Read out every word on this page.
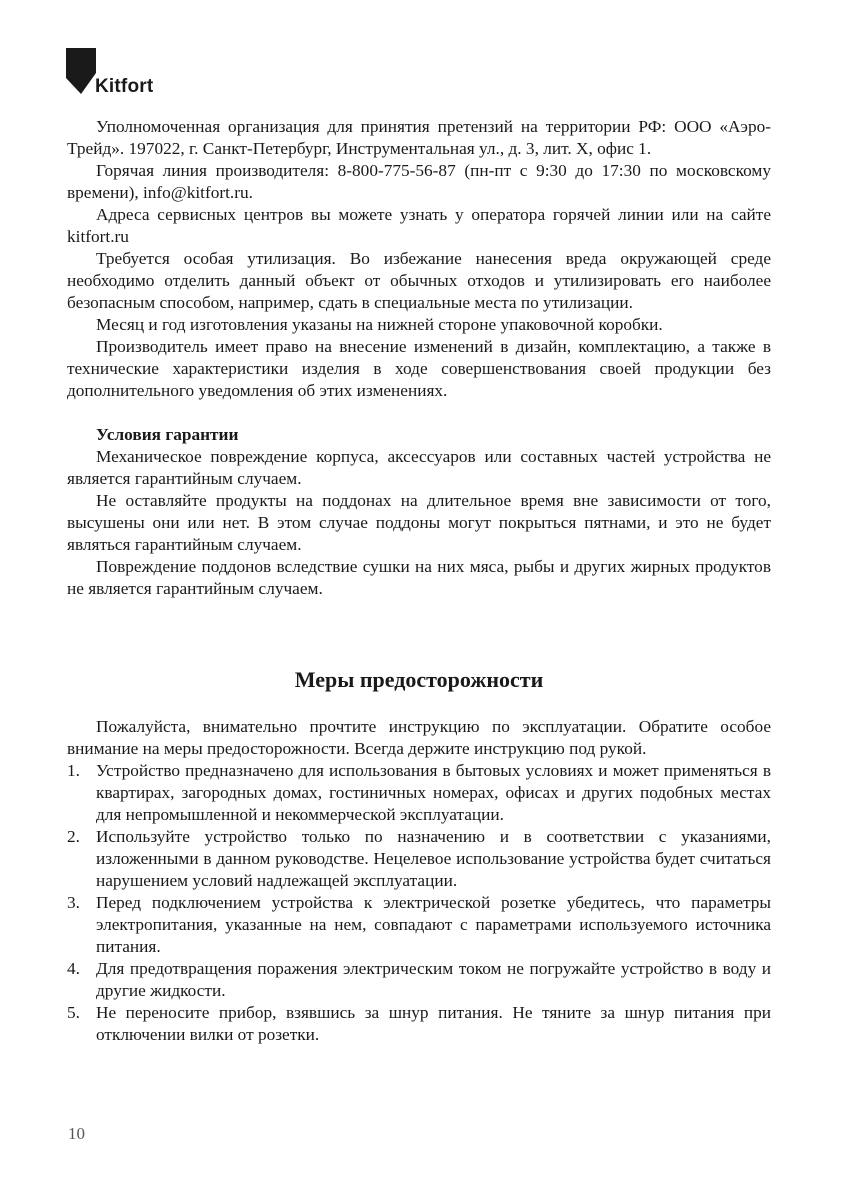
Kitfort

Уполномоченная организация для принятия претензий на территории РФ: ООО «Аэро-Трейд». 197022, г. Санкт-Петербург, Инструментальная ул., д. 3, лит. Х, офис 1.

Горячая линия производителя: 8-800-775-56-87 (пн-пт с 9:30 до 17:30 по московскому времени), info@kitfort.ru.

Адреса сервисных центров вы можете узнать у оператора горячей линии или на сайте kitfort.ru

Требуется особая утилизация. Во избежание нанесения вреда окружающей среде необходимо отделить данный объект от обычных отходов и утилизировать его наиболее безопасным способом, например, сдать в специальные места по утилизации.

Месяц и год изготовления указаны на нижней стороне упаковочной коробки.

Производитель имеет право на внесение изменений в дизайн, комплектацию, а также в технические характеристики изделия в ходе совершенствования своей продукции без дополнительного уведомления об этих изменениях.

Условия гарантии

Механическое повреждение корпуса, аксессуаров или составных частей устройства не является гарантийным случаем.

Не оставляйте продукты на поддонах на длительное время вне зависимости от того, высушены они или нет. В этом случае поддоны могут покрыться пятнами, и это не будет являться гарантийным случаем.

Повреждение поддонов вследствие сушки на них мяса, рыбы и других жирных продуктов не является гарантийным случаем.

Меры предосторожности

Пожалуйста, внимательно прочтите инструкцию по эксплуатации. Обратите особое внимание на меры предосторожности. Всегда держите инструкцию под рукой.

1. Устройство предназначено для использования в бытовых условиях и может применяться в квартирах, загородных домах, гостиничных номерах, офисах и других подобных местах для непромышленной и некоммерческой эксплуатации.
2. Используйте устройство только по назначению и в соответствии с указаниями, изложенными в данном руководстве. Нецелевое использование устройства будет считаться нарушением условий надлежащей эксплуатации.
3. Перед подключением устройства к электрической розетке убедитесь, что параметры электропитания, указанные на нем, совпадают с параметрами используемого источника питания.
4. Для предотвращения поражения электрическим током не погружайте устройство в воду и другие жидкости.
5. Не переносите прибор, взявшись за шнур питания. Не тяните за шнур питания при отключении вилки от розетки.
10
